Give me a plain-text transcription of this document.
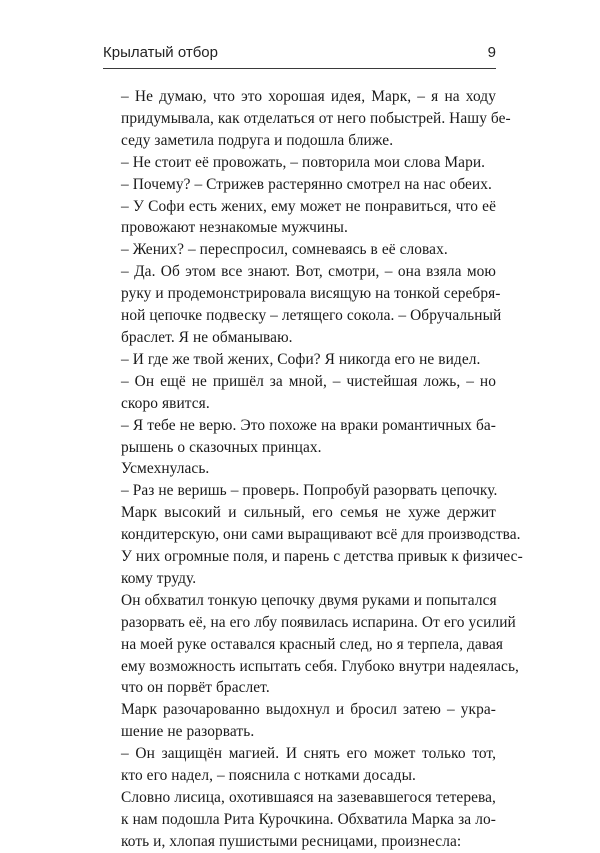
Крылатый отбор	9
– Не думаю, что это хорошая идея, Марк, – я на ходу
придумывала, как отделаться от него побыстрей. Нашу бе-
седу заметила подруга и подошла ближе.
– Не стоит её провожать, – повторила мои слова Мари.
– Почему? – Стрижев растерянно смотрел на нас обеих.
– У Софи есть жених, ему может не понравиться, что её
провожают незнакомые мужчины.
– Жених? – переспросил, сомневаясь в её словах.
– Да. Об этом все знают. Вот, смотри, – она взяла мою
руку и продемонстрировала висящую на тонкой серебря-
ной цепочке подвеску – летящего сокола. – Обручальный
браслет. Я не обманываю.
– И где же твой жених, Софи? Я никогда его не видел.
– Он ещё не пришёл за мной, – чистейшая ложь, – но
скоро явится.
– Я тебе не верю. Это похоже на враки романтичных ба-
рышень о сказочных принцах.
Усмехнулась.
– Раз не веришь – проверь. Попробуй разорвать цепочку.
Марк высокий и сильный, его семья не хуже держит
кондитерскую, они сами выращивают всё для производства.
У них огромные поля, и парень с детства привык к физичес-
кому труду.
Он обхватил тонкую цепочку двумя руками и попытался
разорвать её, на его лбу появилась испарина. От его усилий
на моей руке оставался красный след, но я терпела, давая
ему возможность испытать себя. Глубоко внутри надеялась,
что он порвёт браслет.
Марк разочарованно выдохнул и бросил затею – укра-
шение не разорвать.
– Он защищён магией. И снять его может только тот,
кто его надел, – пояснила с нотками досады.
Словно лисица, охотившаяся на зазевавшегося тетерева,
к нам подошла Рита Курочкина. Обхватила Марка за ло-
коть и, хлопая пушистыми ресницами, произнесла:
